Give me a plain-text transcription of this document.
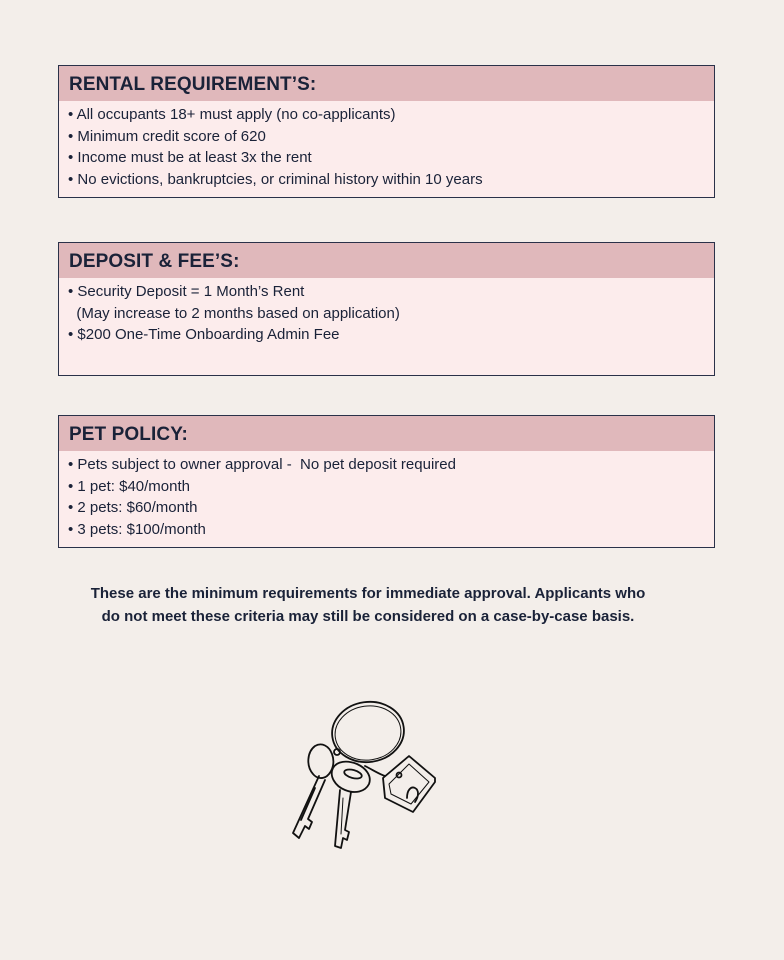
RENTAL REQUIREMENT’S:
• All occupants 18+ must apply (no co-applicants)
• Minimum credit score of 620
• Income must be at least 3x the rent
• No evictions, bankruptcies, or criminal history within 10 years
DEPOSIT & FEE’S:
• Security Deposit = 1 Month’s Rent
(May increase to 2 months based on application)
• $200 One-Time Onboarding Admin Fee
PET POLICY:
• Pets subject to owner approval -  No pet deposit required
• 1 pet: $40/month
• 2 pets: $60/month
• 3 pets: $100/month
These are the minimum requirements for immediate approval. Applicants who
do not meet these criteria may still be considered on a case-by-case basis.
